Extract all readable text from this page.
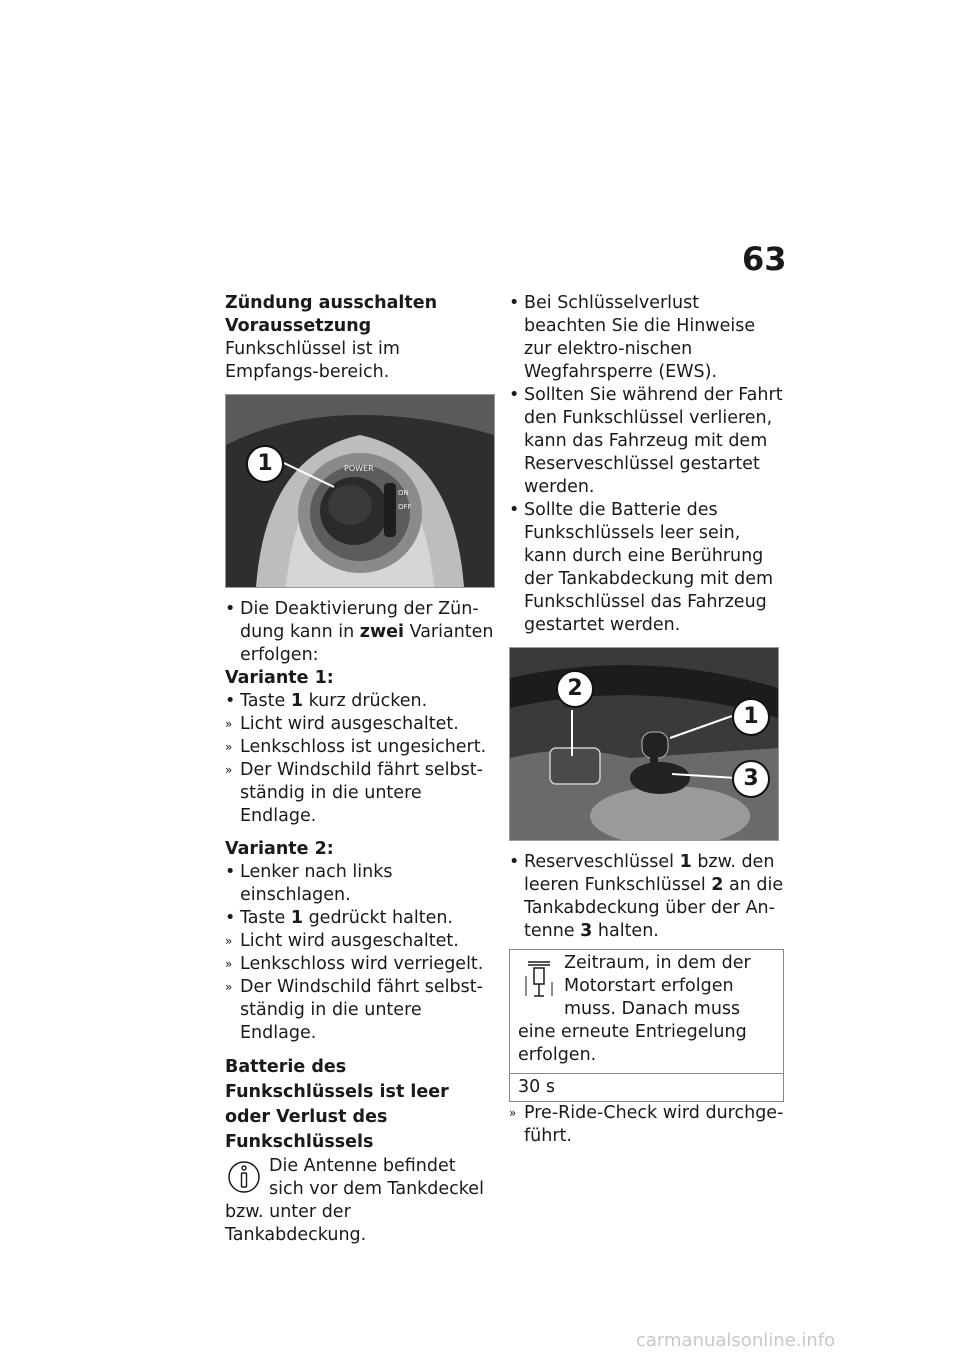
63

Zündung ausschalten

Voraussetzung

Funkschlüssel ist im Empfangs-bereich.

POWER
ON
OFF
1

• Die Deaktivierung der Zün-dung kann in zwei Varianten erfolgen:

Variante 1:

• Taste 1 kurz drücken.

» Licht wird ausgeschaltet.

» Lenkschloss ist ungesichert.

» Der Windschild fährt selbst-ständig in die untere Endlage.

Variante 2:

• Lenker nach links einschlagen.

• Taste 1 gedrückt halten.

» Licht wird ausgeschaltet.

» Lenkschloss wird verriegelt.

» Der Windschild fährt selbst-ständig in die untere Endlage.

Batterie des Funkschlüssels ist leer oder Verlust des Funkschlüssels

Die Antenne befindet sich vor dem Tankdeckel bzw. unter der Tankabdeckung.

• Bei Schlüsselverlust beachten Sie die Hinweise zur elektro-nischen Wegfahrsperre (EWS).

• Sollten Sie während der Fahrt den Funkschlüssel verlieren, kann das Fahrzeug mit dem Reserveschlüssel gestartet werden.

• Sollte die Batterie des Funkschlüssels leer sein, kann durch eine Berührung der Tankabdeckung mit dem Funkschlüssel das Fahrzeug gestartet werden.

2
1
3

• Reserveschlüssel 1 bzw. den leeren Funkschlüssel 2 an die Tankabdeckung über der An-tenne 3 halten.

Zeitraum, in dem der Motorstart erfolgen muss. Danach muss eine erneute Entriegelung erfolgen.
30 s

» Pre-Ride-Check wird durchge-führt.

carmanualsonline.info
